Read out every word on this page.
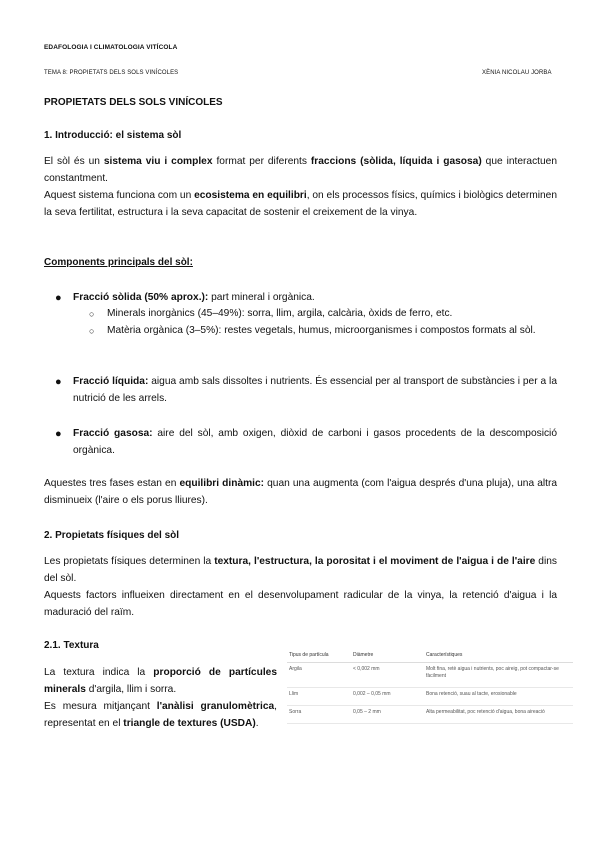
EDAFOLOGIA I CLIMATOLOGIA VITÍCOLA
TEMA 8: PROPIETATS DELS SOLS VINÍCOLES	XÈNIA NICOLAU JORBA
PROPIETATS DELS SOLS VINÍCOLES
1. Introducció: el sistema sòl
El sòl és un sistema viu i complex format per diferents fraccions (sòlida, líquida i gasosa) que interactuen constantment.
Aquest sistema funciona com un ecosistema en equilibri, on els processos físics, químics i biològics determinen la seva fertilitat, estructura i la seva capacitat de sostenir el creixement de la vinya.
Components principals del sòl:
● Fracció sòlida (50% aprox.): part mineral i orgànica.
○ Minerals inorgànics (45–49%): sorra, llim, argila, calcària, òxids de ferro, etc.
○ Matèria orgànica (3–5%): restes vegetals, humus, microorganismes i compostos formats al sòl.
● Fracció líquida: aigua amb sals dissoltes i nutrients. És essencial per al transport de substàncies i per a la nutrició de les arrels.
● Fracció gasosa: aire del sòl, amb oxigen, diòxid de carboni i gasos procedents de la descomposició orgànica.
Aquestes tres fases estan en equilibri dinàmic: quan una augmenta (com l'aigua després d'una pluja), una altra disminueix (l'aire o els porus lliures).
2. Propietats físiques del sòl
Les propietats físiques determinen la textura, l'estructura, la porositat i el moviment de l'aigua i de l'aire dins del sòl.
Aquests factors influeixen directament en el desenvolupament radicular de la vinya, la retenció d'aigua i la maduració del raïm.
2.1. Textura
La textura indica la proporció de partícules minerals d'argila, llim i sorra.
Es mesura mitjançant l'anàlisi granulomètrica, representat en el triangle de textures (USDA).
Tipus de partícula	Diàmetre	Característiques
Argila	< 0,002 mm	Molt fina, retè aigua i nutrients, poc aireig, pot compactar-se fàcilment
Llim	0,002 – 0,05 mm	Bona retenció, suau al tacte, erosionable
Sorra	0,05 – 2 mm	Alta permeabilitat, poc retenció d'aigua, bona aireació
